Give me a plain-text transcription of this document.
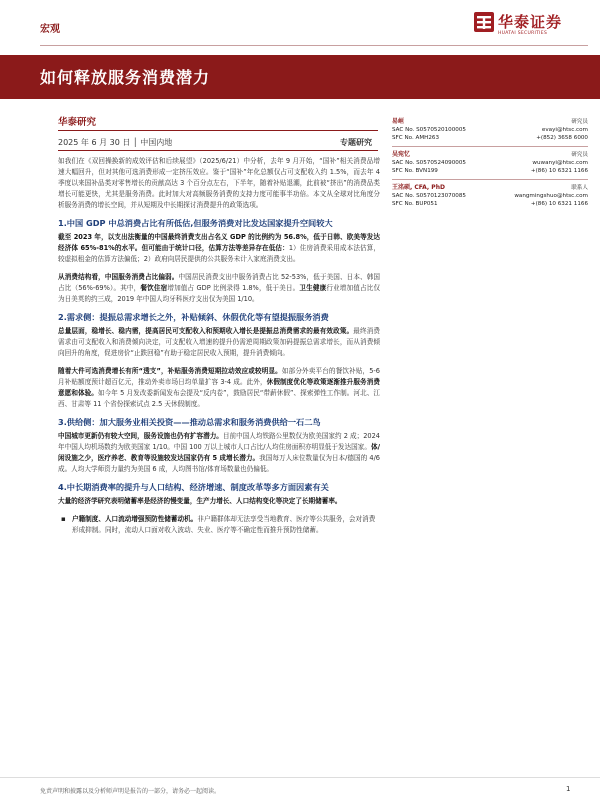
宏观	华泰证券
HUATAI SECURITIES
如何释放服务消费潜力
华泰研究
2025 年 6 月 30 日 │ 中国内地	专题研究

如我们在《双回操换新的成效评估和后续展望》（2025/6/21）中分析，去年 9 月开始，“国补”相关消费品增速大幅回升，但对其他可选消费形成一定挤压效应。鉴于“国补”年化总额仅占可支配收入约 1.5%，而去年 4 季度以来国补品类对零售增长的贡献高达 3 个百分点左右，下半年，随着补贴退潮，此前被“挤出”的消费品类增长可能更快，尤其是服务消费。此时加大对高频服务消费的支持力度可能事半功倍。本文从全球对比角度分析服务消费的增长空间，并从短期及中长期探讨消费提升的政策选项。

1.中国 GDP 中总消费占比有所低估,但服务消费对比发达国家提升空间较大

截至 2023 年，以支出法衡量的中国最终消费支出占名义 GDP 的比例约为 56.8%，低于日韩、欧美等发达经济体 65%-81%的水平。但可能由于统计口径，估算方法等差异存在低估：1）住房消费采用成本法估算，较虚拟租金的估算方法偏低；2）政府向居民提供的公共服务未计入家庭消费支出。

从消费结构看，中国服务消费占比偏弱。中国居民消费支出中服务消费占比 52-53%，低于美国、日本、韩国占比（56%-69%）。其中，餐饮住宿增加值占 GDP 比例录得 1.8%，低于美日。卫生健康行业增加值占比仅为日美英的约三成，2019 年中国人均牙科医疗支出仅为美国 1/10。

2.需求侧：提振总需求增长之外，补贴倾斜、休假优化等有望提振服务消费

总量层面，稳增长、稳内需，提高居民可支配收入和预期收入增长是提振总消费需求的最有效政策。最终消费需求由可支配收入和消费倾向决定，可支配收入增速的提升仍需逆周期政策加码提振总需求增长，而从消费倾向回升的角度，促进房价“止跌回稳”有助于稳定居民收入预期，提升消费倾向。

随着大件可选消费增长有所“透支”，补贴服务消费短期拉动效应或较明显。如部分外卖平台的餐饮补贴，5-6 月补贴额度预计超百亿元，推动外卖市场日均单量扩容 3-4 成。此外，休假制度优化等政策逐渐推升服务消费意愿和体验。如今年 5 月发改委新闻发布会提及“反内卷”，鼓励居民“带薪休假”、探索弹性工作制。河北、江西、甘肃等 11 个省份探索试点 2.5 天休假制度。

3.供给侧：加大服务业相关投资——推动总需求和服务消费供给一石二鸟

中国城市更新仍有较大空间，服务设施也仍有扩容潜力。目前中国人均铁路公里数仅为欧美国家约 2 成；2024 年中国人均机场数约为欧美国家 1/10。中国 100 万以上城市人口占比/人均住房面积亦明显低于发达国家。体/闲设施之少，医疗养老、教育等设施较发达国家仍有 5 成增长潜力。我国每万人床位数量仅为日本/德国的 4/6 成。人均大学师资力量约为美国 6 成，人均图书馆/体育场数量也仍偏低。

4.中长期消费率的提升与人口结构、经济增速、制度改革等多方面因素有关

大量的经济学研究表明储蓄率是经济的慢变量，生产力增长、人口结构变化等决定了长期储蓄率。

▪ 户籍制度、人口流动增强预防性储蓄动机。非户籍群体却无法享受当地教育、医疗等公共服务，会对消费形成抑制。同时，流动人口面对收入波动、失业、医疗等不确定性而推升预防性储蓄。
易峘	研究员
SAC No. S0570520100005	evayi@htsc.com
SFC No. AMH263	+(852) 3658 6000
吴宛忆	研究员
SAC No. S0570524090005	wuwanyi@htsc.com
SFC No. BVN199	+(86) 10 6321 1166
王洺硕, CFA, PhD	联系人
SAC No. S0570123070085	wangmingshuo@htsc.com
SFC No. BUP051	+(86) 10 6321 1166
免责声明和披露以及分析师声明是报告的一部分，请务必一起阅读。	1
